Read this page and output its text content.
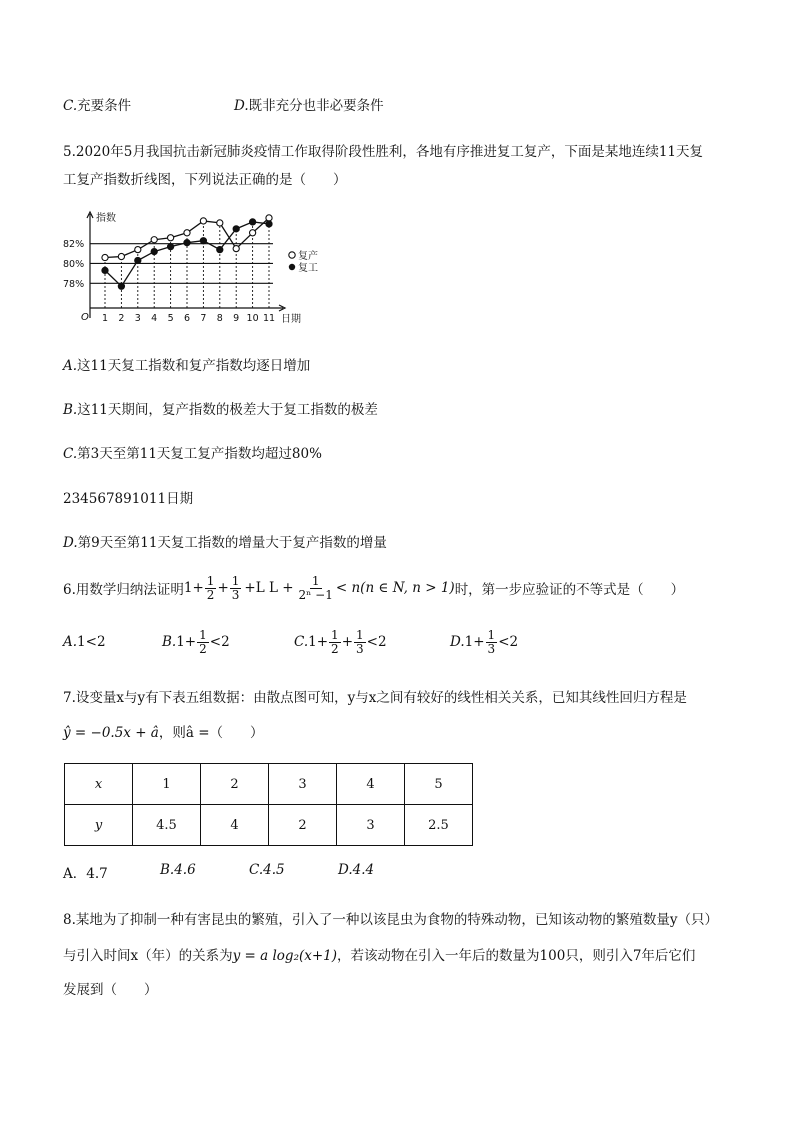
C.充要条件	D.既非充分也非必要条件
5.2020年5月我国抗击新冠肺炎疫情工作取得阶段性胜利，各地有序推进复工复产，下面是某地连续11天复
工复产指数折线图，下列说法正确的是（　　）
78%
80%
82%
1 2 3 4 5 6 7 8 9 10 11
指数
日期
O
复产
复工
A.这11天复工指数和复产指数均逐日增加
B.这11天期间，复产指数的极差大于复工指数的极差
C.第3天至第11天复工复产指数均超过80%
234567891011日期
D.第9天至第11天复工指数的增量大于复产指数的增量
6.用数学归纳法证明 $1+ \frac{1}{2} + \frac{1}{3} +L$ $L + \frac{1}{\text{2ⁿ −1}} < n(n$ ∈ N, n > 1) 时，第一步应验证的不等式是（　　）
A. 1<2	B. $1+ \frac{1}{2} <2$	C. $1+ \frac{1}{2} + \frac{1}{3} <2$	D. $1+ \frac{1}{3} <2$
7.设变量x与y有下表五组数据：由散点图可知，y与x之间有较好的线性相关关系，已知其线性回归方程是
ŷ = −0.5x + â，则â =（　　）
x	1	2	3	4	5
y	4.5	4	2	3	2.5
A．4.7	B.4.6	C.4.5	D.4.4
8.某地为了抑制一种有害昆虫的繁殖，引入了一种以该昆虫为食物的特殊动物，已知该动物的繁殖数量y（只）
与引入时间x（年）的关系为y = a log₂(x+1)，若该动物在引入一年后的数量为100只，则引入7年后它们
发展到（　　）
